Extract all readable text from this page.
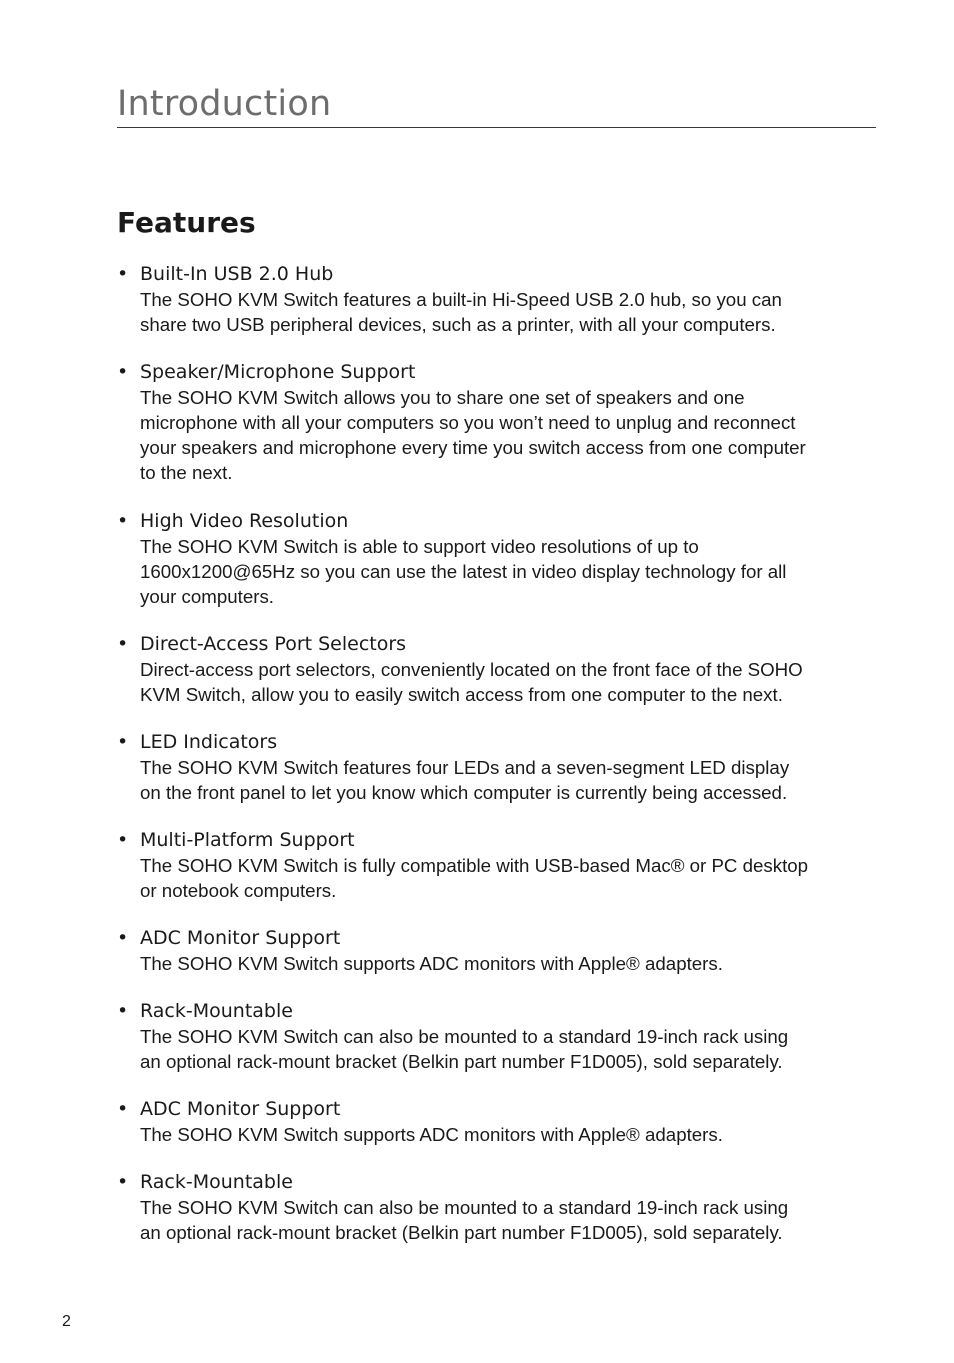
Introduction
Features
• Built-In USB 2.0 Hub

The SOHO KVM Switch features a built-in Hi-Speed USB 2.0 hub, so you can
share two USB peripheral devices, such as a printer, with all your computers.

• Speaker/Microphone Support

The SOHO KVM Switch allows you to share one set of speakers and one
microphone with all your computers so you won’t need to unplug and reconnect
your speakers and microphone every time you switch access from one computer
to the next.

• High Video Resolution

The SOHO KVM Switch is able to support video resolutions of up to
1600x1200@65Hz so you can use the latest in video display technology for all
your computers.

• Direct-Access Port Selectors

Direct-access port selectors, conveniently located on the front face of the SOHO
KVM Switch, allow you to easily switch access from one computer to the next.

• LED Indicators

The SOHO KVM Switch features four LEDs and a seven-segment LED display
on the front panel to let you know which computer is currently being accessed.

• Multi-Platform Support

The SOHO KVM Switch is fully compatible with USB-based Mac® or PC desktop
or notebook computers.

• ADC Monitor Support

The SOHO KVM Switch supports ADC monitors with Apple® adapters.

• Rack-Mountable

The SOHO KVM Switch can also be mounted to a standard 19-inch rack using
an optional rack-mount bracket (Belkin part number F1D005), sold separately.

• ADC Monitor Support

The SOHO KVM Switch supports ADC monitors with Apple® adapters.

• Rack-Mountable

The SOHO KVM Switch can also be mounted to a standard 19-inch rack using
an optional rack-mount bracket (Belkin part number F1D005), sold separately.

2
